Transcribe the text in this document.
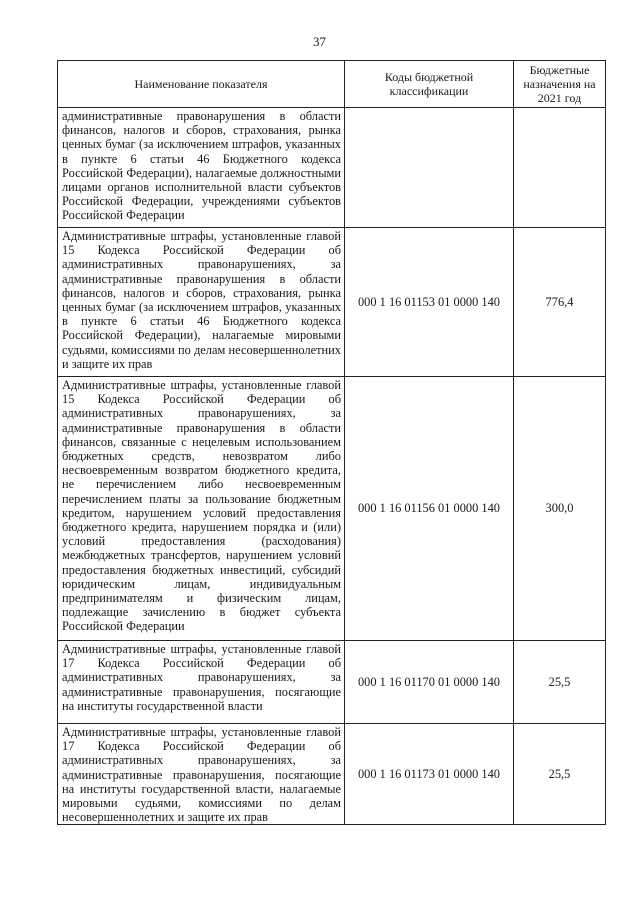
37
Наименование показателя	Коды бюджетной классификации	Бюджетные назначения на 2021 год
административные правонарушения в области финансов, налогов и сборов, страхования, рынка ценных бумаг (за исключением штрафов, указанных в пункте 6 статьи 46 Бюджетного кодекса Российской Федерации), налагаемые должностными лицами органов исполнительной власти субъектов Российской Федерации, учреждениями субъектов Российской Федерации		
Административные штрафы, установленные главой 15 Кодекса Российской Федерации об административных правонарушениях, за административные правонарушения в области финансов, налогов и сборов, страхования, рынка ценных бумаг (за исключением штрафов, указанных в пункте 6 статьи 46 Бюджетного кодекса Российской Федерации), налагаемые мировыми судьями, комиссиями по делам несовершеннолетних и защите их прав	000 1 16 01153 01 0000 140	776,4
Административные штрафы, установленные главой 15 Кодекса Российской Федерации об административных правонарушениях, за административные правонарушения в области финансов, связанные с нецелевым использованием бюджетных средств, невозвратом либо несвоевременным возвратом бюджетного кредита, не перечислением либо несвоевременным перечислением платы за пользование бюджетным кредитом, нарушением условий предоставления бюджетного кредита, нарушением порядка и (или) условий предоставления (расходования) межбюджетных трансфертов, нарушением условий предоставления бюджетных инвестиций, субсидий юридическим лицам, индивидуальным предпринимателям и физическим лицам, подлежащие зачислению в бюджет субъекта Российской Федерации	000 1 16 01156 01 0000 140	300,0
Административные штрафы, установленные главой 17 Кодекса Российской Федерации об административных правонарушениях, за административные правонарушения, посягающие на институты государственной власти	000 1 16 01170 01 0000 140	25,5
Административные штрафы, установленные главой 17 Кодекса Российской Федерации об административных правонарушениях, за административные правонарушения, посягающие на институты государственной власти, налагаемые мировыми судьями, комиссиями по делам несовершеннолетних и защите их прав	000 1 16 01173 01 0000 140	25,5
